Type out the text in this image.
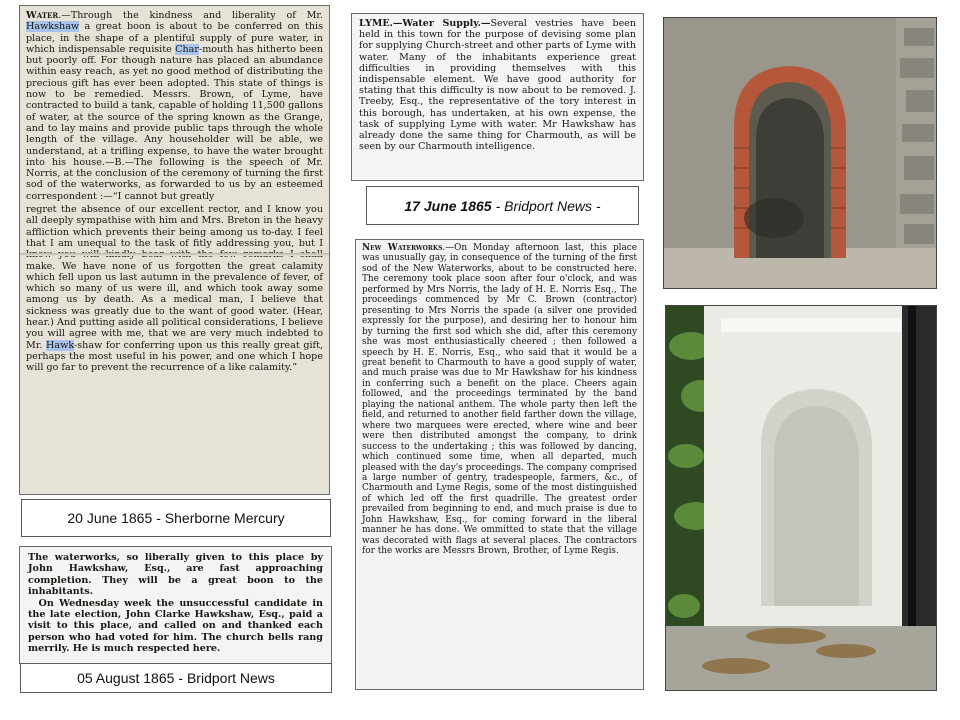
Water.—Through the kindness and liberality of Mr. Hawkshaw a great boon is about to be conferred on this place, in the shape of a plentiful supply of pure water, in which indispensable requisite Char-mouth has hitherto been but poorly off. For though nature has placed an abundance within easy reach, as yet no good method of distributing the precious gift has ever been adopted. This state of things is now to be remedied. Messrs. Brown, of Lyme, have contracted to build a tank, capable of holding 11,500 gallons of water, at the source of the spring known as the Grange, and to lay mains and provide public taps through the whole length of the village. Any householder will be able, we understand, at a trifling expense, to have the water brought into his house.—B.—The following is the speech of Mr. Norris, at the conclusion of the ceremony of turning the first sod of the waterworks, as forwarded to us by an esteemed correspondent :—“I cannot but greatly

regret the absence of our excellent rector, and I know you all deeply sympathise with him and Mrs. Breton in the heavy affliction which prevents their being among us to-day. I feel that I am unequal to the task of fitly addressing you, but I make. We have none of us forgotten the great calamity which fell upon us last autumn in the prevalence of fever, of which so many of us were ill, and which took away some among us by death. As a medical man, I believe that sickness was greatly due to the want of good water. (Hear, hear.) And putting aside all political considerations, I believe you will agree with me, that we are very much indebted to Mr. Hawk-shaw for conferring upon us this really great gift, perhaps the most useful in his power, and one which I hope will go far to prevent the recurrence of a like calamity.”

20 June 1865 - Sherborne Mercury

LYME.—Water Supply.—Several vestries have been held in this town for the purpose of devising some plan for supplying Church-street and other parts of Lyme with water. Many of the inhabitants experience great difficulties in providing themselves with this indispensable element. We have good authority for stating that this difficulty is now about to be removed. J. Treeby, Esq., the representative of the tory interest in this borough, has undertaken, at his own expense, the task of supplying Lyme with water. Mr Hawkshaw has already done the same thing for Charmouth, as will be seen by our Charmouth intelligence.

17 June 1865 - Bridport News -

The waterworks, so liberally given to this place by John Hawkshaw, Esq., are fast approaching completion. They will be a great boon to the inhabitants.
On Wednesday week the unsuccessful candidate in the late election, John Clarke Hawkshaw, Esq., paid a visit to this place, and called on and thanked each person who had voted for him. The church bells rang merrily. He is much respected here.

05 August 1865 - Bridport News

New Waterworks.—On Monday afternoon last, this place was unusually gay, in consequence of the turning of the first sod of the New Waterworks, about to be constructed here. The ceremony took place soon after four o'clock, and was performed by Mrs Norris, the lady of H. E. Norris Esq., The proceedings commenced by Mr C. Brown (contractor) presenting to Mrs Norris the spade (a silver one provided expressly for the purpose), and desiring her to honour him by turning the first sod which she did, after this ceremony she was most enthusiastically cheered ; then followed a speech by H. E. Norris, Esq., who said that it would be a great benefit to Charmouth to have a good supply of water, and much praise was due to Mr Hawkshaw for his kindness in conferring such a benefit on the place. Cheers again followed, and the proceedings terminated by the band playing the national anthem. The whole party then left the field, and returned to another field farther down the village, where two marquees were erected, where wine and beer were then distributed amongst the company, to drink success to the undertaking ; this was followed by dancing, which continued some time, when all departed, much pleased with the day's proceedings. The company comprised a large number of gentry, tradespeople, farmers, &c., of Charmouth and Lyme Regis, some of the most distinguished of which led off the first quadrille. The greatest order prevailed from beginning to end, and much praise is due to John Hawkshaw, Esq., for coming forward in the liberal manner he has done. We ommitted to state that the village was decorated with flags at several places. The contractors for the works are Messrs Brown, Brother, of Lyme Regis.
